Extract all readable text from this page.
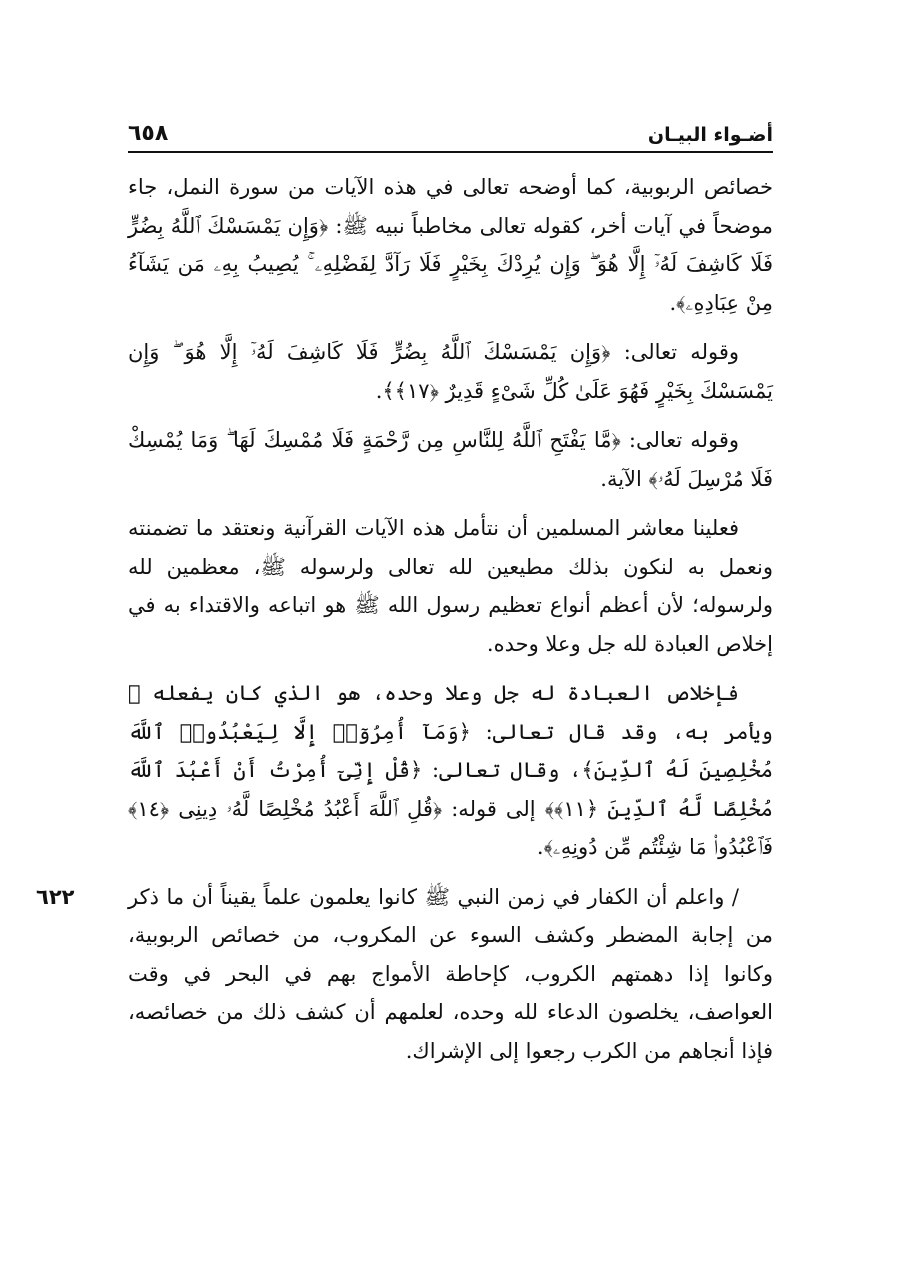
٦٥٨	أضـواء البيـان

خصائص الربوبية، كما أوضحه تعالى في هذه الآيات من سورة النمل، جاء موضحاً في آيات أخر، كقوله تعالى مخاطباً نبيه ﷺ: ﴿وَإِن يَمْسَسْكَ ٱللَّهُ بِضُرٍّ فَلَا كَاشِفَ لَهُۥٓ إِلَّا هُوَ ۖ وَإِن يُرِدْكَ بِخَيْرٍ فَلَا رَآدَّ لِفَضْلِهِۦ ۚ يُصِيبُ بِهِۦ مَن يَشَآءُ مِنْ عِبَادِهِۦ﴾.

وقوله تعالى: ﴿وَإِن يَمْسَسْكَ ٱللَّهُ بِضُرٍّ فَلَا كَاشِفَ لَهُۥٓ إِلَّا هُوَ ۖ وَإِن يَمْسَسْكَ بِخَيْرٍ فَهُوَ عَلَىٰ كُلِّ شَىْءٍ قَدِيرٌ ﴿١٧﴾﴾.

وقوله تعالى: ﴿مَّا يَفْتَحِ ٱللَّهُ لِلنَّاسِ مِن رَّحْمَةٍ فَلَا مُمْسِكَ لَهَا ۖ وَمَا يُمْسِكْ فَلَا مُرْسِلَ لَهُۥ﴾ الآية.

فعلينا معاشر المسلمين أن نتأمل هذه الآيات القرآنية ونعتقد ما تضمنته ونعمل به لنكون بذلك مطيعين لله تعالى ولرسوله ﷺ، معظمين لله ولرسوله؛ لأن أعظم أنواع تعظيم رسول الله ﷺ هو اتباعه والاقتداء به في إخلاص العبادة لله جل وعلا وحده.

فإخلاص العبادة له جل وعلا وحده، هو الذي كان يفعله ﷺ ويأمر به، وقد قال تعالى: ﴿وَمَآ أُمِرُوٓا۟ إِلَّا لِيَعْبُدُوا۟ ٱللَّهَ مُخْلِصِينَ لَهُ ٱلدِّينَ﴾، وقال تعالى: ﴿قُلْ إِنِّىٓ أُمِرْتُ أَنْ أَعْبُدَ ٱللَّهَ مُخْلِصًا لَّهُ ٱلدِّينَ ﴿١١﴾﴾ إلى قوله: ﴿قُلِ ٱللَّهَ أَعْبُدُ مُخْلِصًا لَّهُۥ دِينِى ﴿١٤﴾ فَٱعْبُدُوا۟ مَا شِئْتُم مِّن دُونِهِۦ﴾.

٦٢٢	/ واعلم أن الكفار في زمن النبي ﷺ كانوا يعلمون علماً يقيناً أن ما ذكر من إجابة المضطر وكشف السوء عن المكروب، من خصائص الربوبية، وكانوا إذا دهمتهم الكروب، كإحاطة الأمواج بهم في البحر في وقت العواصف، يخلصون الدعاء لله وحده، لعلمهم أن كشف ذلك من خصائصه، فإذا أنجاهم من الكرب رجعوا إلى الإشراك.
